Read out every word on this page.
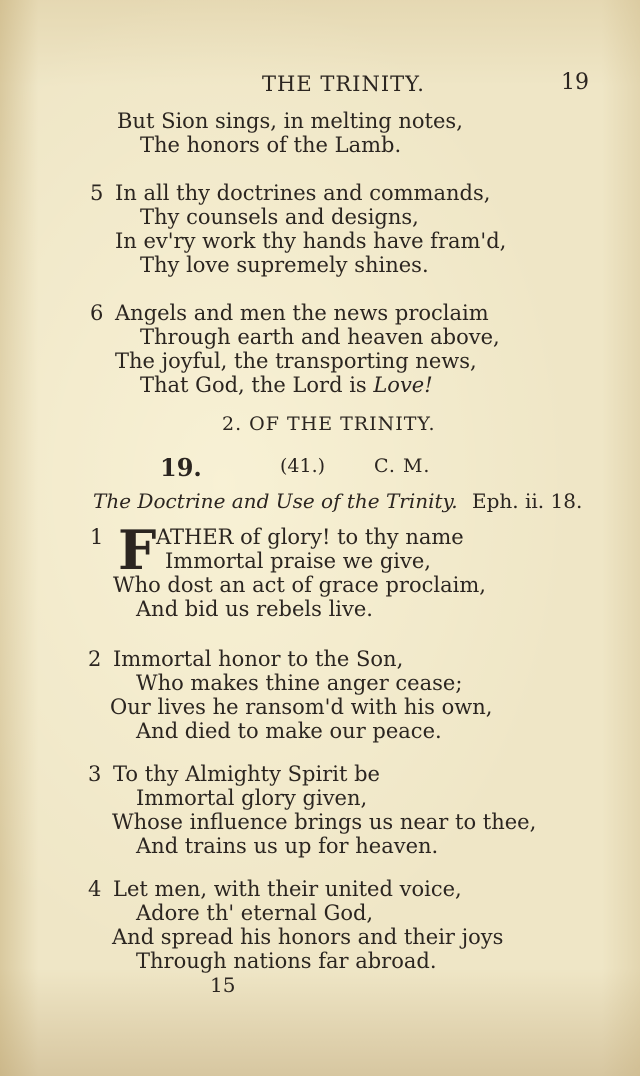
THE TRINITY.	19
But Sion sings, in melting notes,
The honors of the Lamb.
5 In all thy doctrines and commands,
Thy counsels and designs,
In ev'ry work thy hands have fram'd,
Thy love supremely shines.
6 Angels and men the news proclaim
Through earth and heaven above,
The joyful, the transporting news,
That God, the Lord is Love!
2. OF THE TRINITY.
19.	(41.)	C. M.
The Doctrine and Use of the Trinity. Eph. ii. 18.
1 F ATHER of glory! to thy name
Immortal praise we give,
Who dost an act of grace proclaim,
And bid us rebels live.
2 Immortal honor to the Son,
Who makes thine anger cease;
Our lives he ransom'd with his own,
And died to make our peace.
3 To thy Almighty Spirit be
Immortal glory given,
Whose influence brings us near to thee,
And trains us up for heaven.
4 Let men, with their united voice,
Adore th' eternal God,
And spread his honors and their joys
Through nations far abroad.
15
